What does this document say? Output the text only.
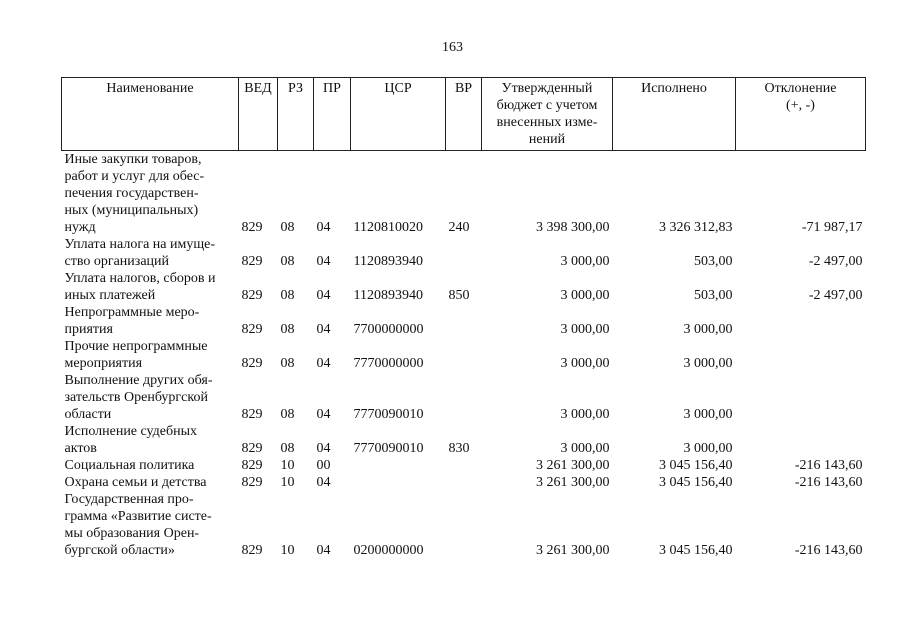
163
Наименование	ВЕД	РЗ	ПР	ЦСР	ВР	Утвержденный бюджет с учетом внесенных изме-нений	Исполнено	Отклонение (+, -)

Иные закупки товаров, работ и услуг для обес-печения государствен-ных (муниципальных) нужд	829	08	04	1120810020	240	3 398 300,00	3 326 312,83	-71 987,17

Уплата налога на имуще-ство организаций	829	08	04	1120893940		3 000,00	503,00	-2 497,00

Уплата налогов, сборов и иных платежей	829	08	04	1120893940	850	3 000,00	503,00	-2 497,00

Непрограммные меро-приятия	829	08	04	7700000000		3 000,00	3 000,00	

Прочие непрограммные мероприятия	829	08	04	7770000000		3 000,00	3 000,00	

Выполнение других обя-зательств Оренбургской области	829	08	04	7770090010		3 000,00	3 000,00	

Исполнение судебных актов	829	08	04	7770090010	830	3 000,00	3 000,00	
Социальная политика	829	10	00			3 261 300,00	3 045 156,40	-216 143,60
Охрана семьи и детства	829	10	04			3 261 300,00	3 045 156,40	-216 143,60

Государственная про-грамма «Развитие систе-мы образования Орен-бургской области»	829	10	04	0200000000		3 261 300,00	3 045 156,40	-216 143,60
